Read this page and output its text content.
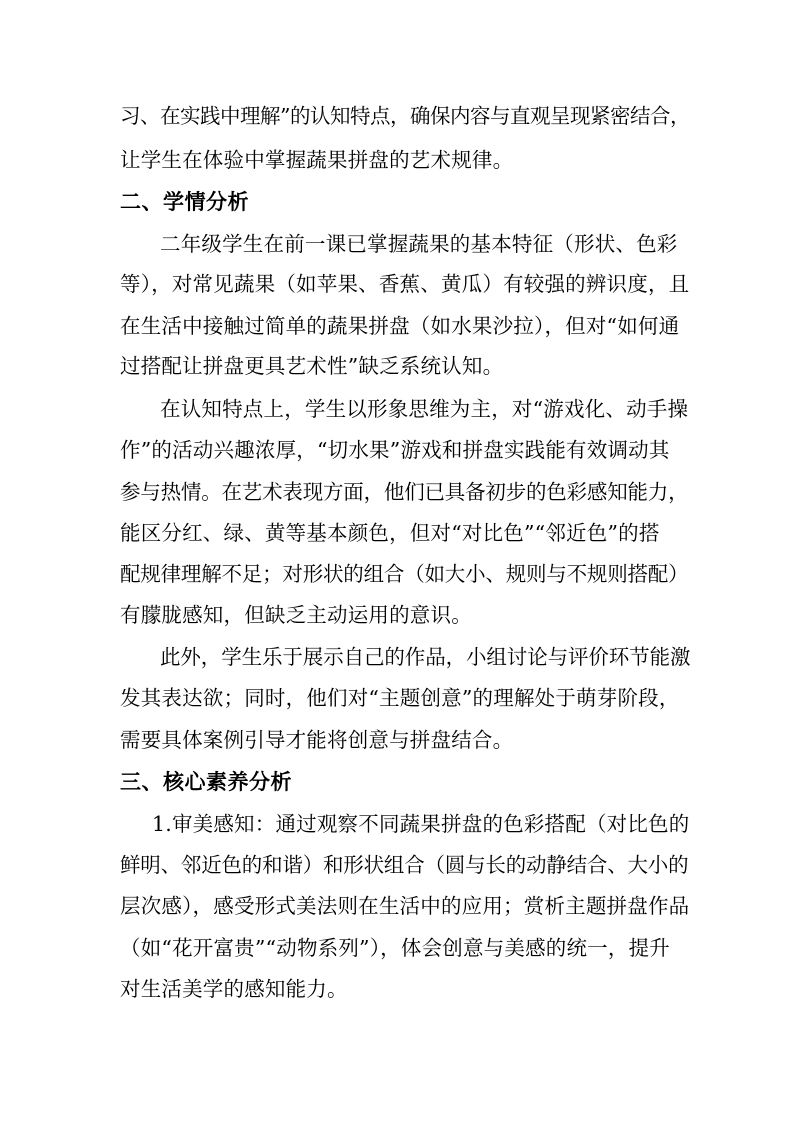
习、在实践中理解”的认知特点，确保内容与直观呈现紧密结合，
让学生在体验中掌握蔬果拼盘的艺术规律。
二、学情分析
二年级学生在前一课已掌握蔬果的基本特征（形状、色彩
等），对常见蔬果（如苹果、香蕉、黄瓜）有较强的辨识度，且
在生活中接触过简单的蔬果拼盘（如水果沙拉），但对“如何通
过搭配让拼盘更具艺术性”缺乏系统认知。
在认知特点上，学生以形象思维为主，对“游戏化、动手操
作”的活动兴趣浓厚，“切水果”游戏和拼盘实践能有效调动其
参与热情。在艺术表现方面，他们已具备初步的色彩感知能力，
能区分红、绿、黄等基本颜色，但对“对比色”“邻近色”的搭
配规律理解不足；对形状的组合（如大小、规则与不规则搭配）
有朦胧感知，但缺乏主动运用的意识。
此外，学生乐于展示自己的作品，小组讨论与评价环节能激
发其表达欲；同时，他们对“主题创意”的理解处于萌芽阶段，
需要具体案例引导才能将创意与拼盘结合。
三、核心素养分析
1.审美感知：通过观察不同蔬果拼盘的色彩搭配（对比色的
鲜明、邻近色的和谐）和形状组合（圆与长的动静结合、大小的
层次感），感受形式美法则在生活中的应用；赏析主题拼盘作品
（如“花开富贵”“动物系列”），体会创意与美感的统一，提升
对生活美学的感知能力。
